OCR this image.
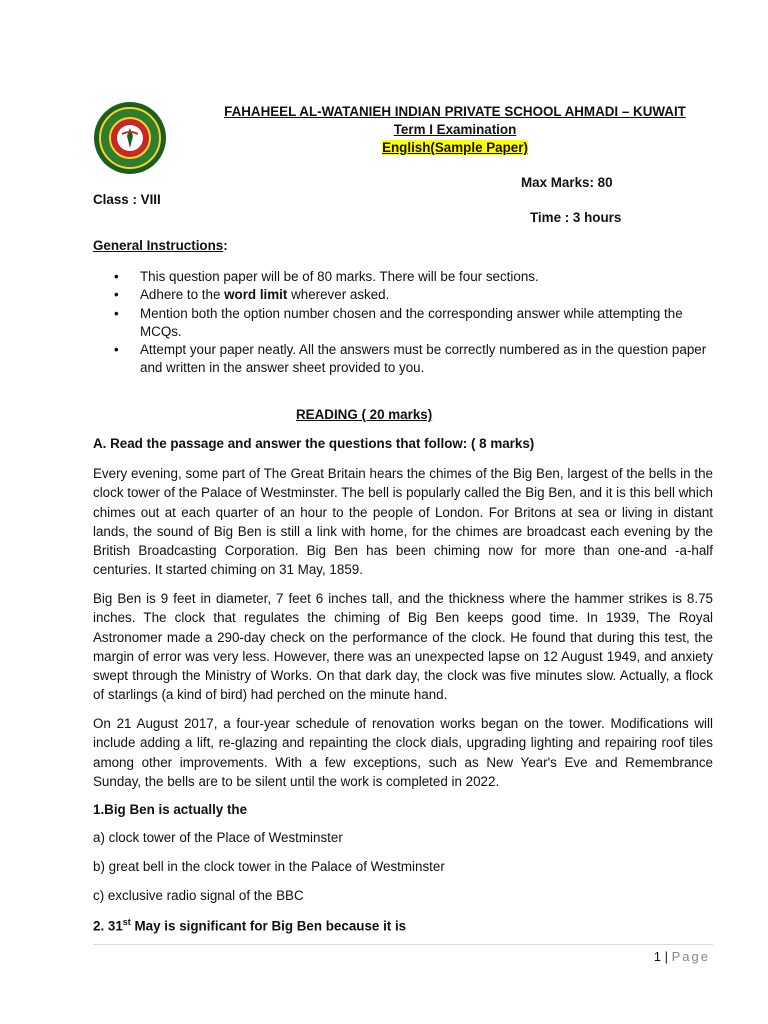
FAHAHEEL AL-WATANIEH INDIAN PRIVATE SCHOOL AHMADI – KUWAIT
Term I Examination
English(Sample Paper)
Max Marks: 80
Class : VIII
Time : 3 hours
General Instructions:
• This question paper will be of 80 marks. There will be four sections.
• Adhere to the word limit wherever asked.
• Mention both the option number chosen and the corresponding answer while attempting the MCQs.
• Attempt your paper neatly. All the answers must be correctly numbered as in the question paper and written in the answer sheet provided to you.
READING ( 20 marks)
A. Read the passage and answer the questions that follow: ( 8 marks)
Every evening, some part of The Great Britain hears the chimes of the Big Ben, largest of the bells in the clock tower of the Palace of Westminster. The bell is popularly called the Big Ben, and it is this bell which chimes out at each quarter of an hour to the people of London. For Britons at sea or living in distant lands, the sound of Big Ben is still a link with home, for the chimes are broadcast each evening by the British Broadcasting Corporation. Big Ben has been chiming now for more than one-and -a-half centuries. It started chiming on 31 May, 1859.
Big Ben is 9 feet in diameter, 7 feet 6 inches tall, and the thickness where the hammer strikes is 8.75 inches. The clock that regulates the chiming of Big Ben keeps good time. In 1939, The Royal Astronomer made a 290-day check on the performance of the clock. He found that during this test, the margin of error was very less. However, there was an unexpected lapse on 12 August 1949, and anxiety swept through the Ministry of Works. On that dark day, the clock was five minutes slow. Actually, a flock of starlings (a kind of bird) had perched on the minute hand.
On 21 August 2017, a four-year schedule of renovation works began on the tower. Modifications will include adding a lift, re-glazing and repainting the clock dials, upgrading lighting and repairing roof tiles among other improvements. With a few exceptions, such as New Year's Eve and Remembrance Sunday, the bells are to be silent until the work is completed in 2022.
1.Big Ben is actually the
a) clock tower of the Place of Westminster
b) great bell in the clock tower in the Palace of Westminster
c) exclusive radio signal of the BBC
2. 31st May is significant for Big Ben because it is
1 | Page
